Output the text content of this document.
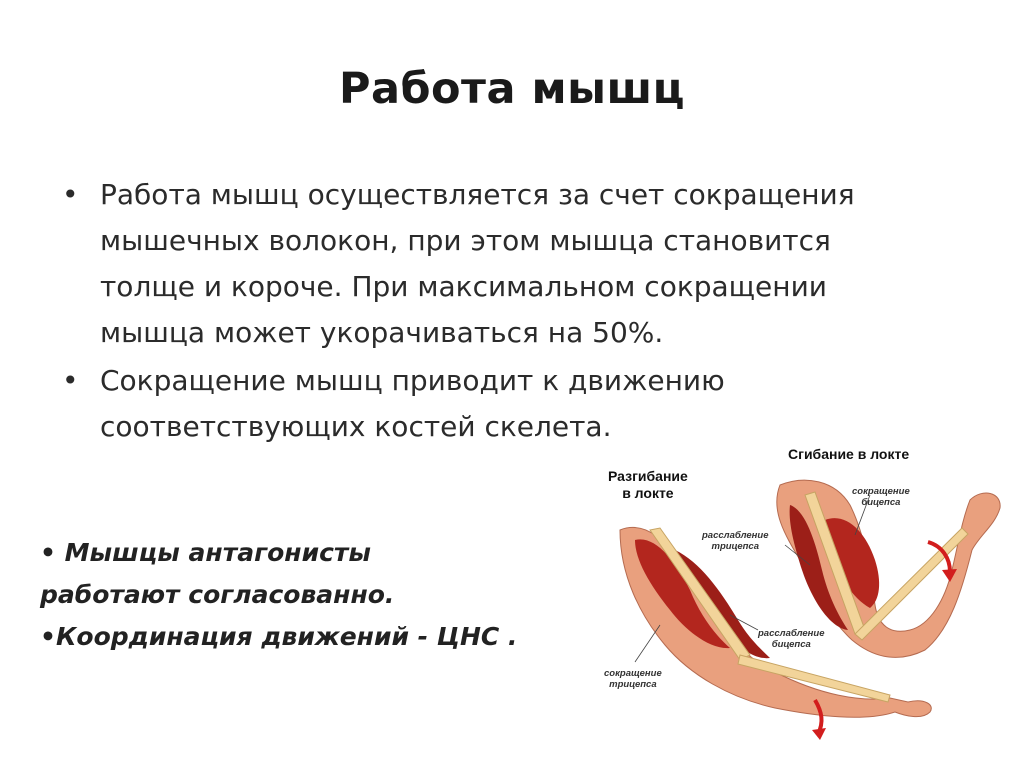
Работа мышц
• Работа мышц осуществляется за счет сокращения
мышечных волокон, при этом мышца становится
толще и короче. При максимальном сокращении
мышца может укорачиваться на 50%.
• Сокращение мышц приводит к движению
соответствующих костей скелета.
• Мышцы антагонисты
работают согласованно.
•Координация движений - ЦНС .
Разгибание
в локте
Сгибание в локте
сокращение
бицепса
расслабление
трицепса
расслабление
бицепса
сокращение
трицепса
